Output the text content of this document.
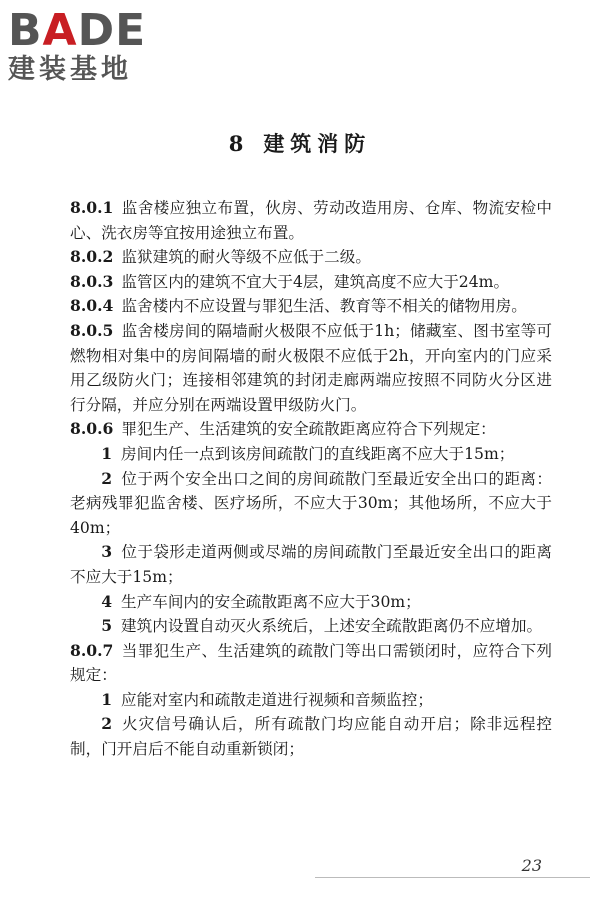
BADE
建装基地
8 建筑消防

8.0.1 监舍楼应独立布置，伙房、劳动改造用房、仓库、物流安检中心、洗衣房等宜按用途独立布置。

8.0.2 监狱建筑的耐火等级不应低于二级。

8.0.3 监管区内的建筑不宜大于4层，建筑高度不应大于24m。

8.0.4 监舍楼内不应设置与罪犯生活、教育等不相关的储物用房。

8.0.5 监舍楼房间的隔墙耐火极限不应低于1h；储藏室、图书室等可燃物相对集中的房间隔墙的耐火极限不应低于2h，开向室内的门应采用乙级防火门；连接相邻建筑的封闭走廊两端应按照不同防火分区进行分隔，并应分别在两端设置甲级防火门。

8.0.6 罪犯生产、生活建筑的安全疏散距离应符合下列规定：

1 房间内任一点到该房间疏散门的直线距离不应大于15m；

2 位于两个安全出口之间的房间疏散门至最近安全出口的距离：老病残罪犯监舍楼、医疗场所，不应大于30m；其他场所，不应大于40m；

3 位于袋形走道两侧或尽端的房间疏散门至最近安全出口的距离不应大于15m；

4 生产车间内的安全疏散距离不应大于30m；

5 建筑内设置自动灭火系统后，上述安全疏散距离仍不应增加。

8.0.7 当罪犯生产、生活建筑的疏散门等出口需锁闭时，应符合下列规定：

1 应能对室内和疏散走道进行视频和音频监控；

2 火灾信号确认后，所有疏散门均应能自动开启；除非远程控制，门开启后不能自动重新锁闭；

23
